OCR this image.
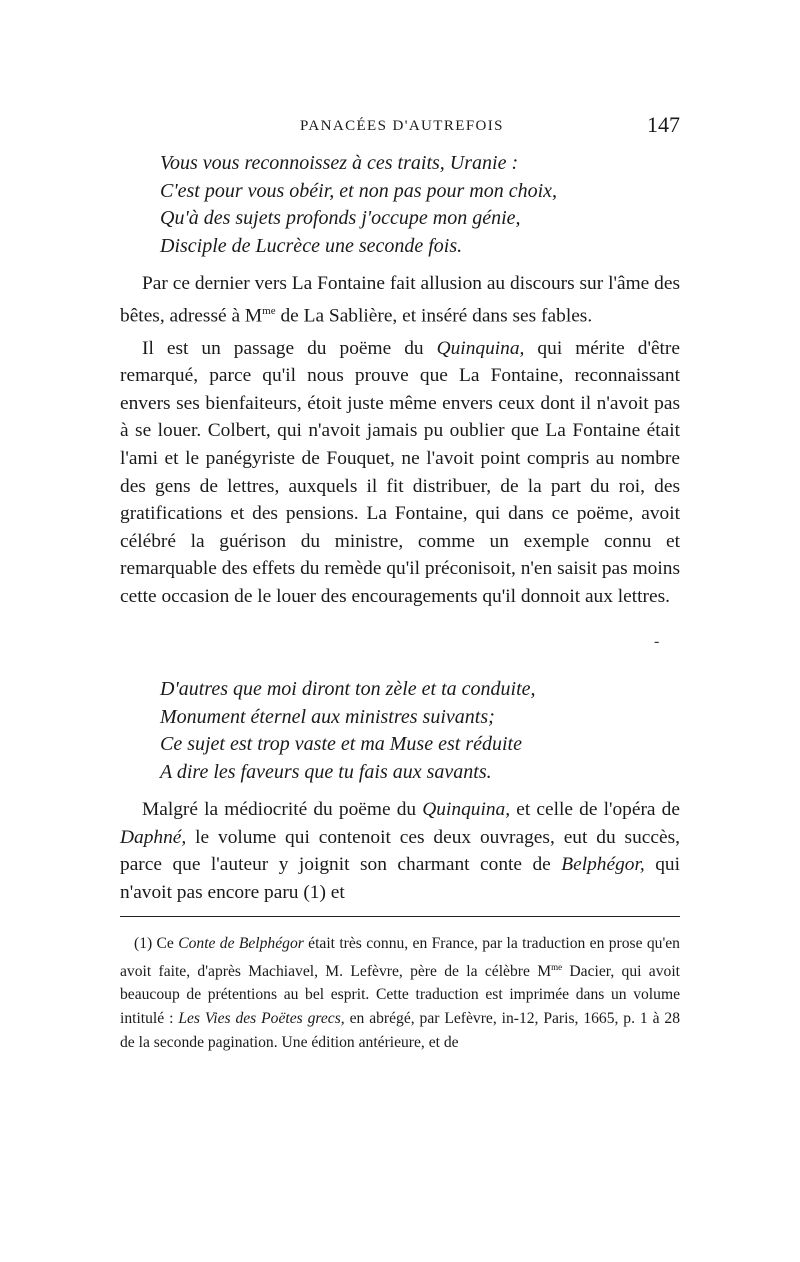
PANACÉES D'AUTREFOIS	147
Vous vous reconnoissez à ces traits, Uranie :
C'est pour vous obéir, et non pas pour mon choix,
Qu'à des sujets profonds j'occupe mon génie,
Disciple de Lucrèce une seconde fois.

Par ce dernier vers La Fontaine fait allusion au discours sur l'âme des bêtes, adressé à $M^{me}$ de La Sablière, et inséré dans ses fables.

Il est un passage du poëme du Quinquina, qui mérite d'être remarqué, parce qu'il nous prouve que La Fontaine, reconnaissant envers ses bienfaiteurs, étoit juste même envers ceux dont il n'avoit pas à se louer. Colbert, qui n'avoit jamais pu oublier que La Fontaine était l'ami et le panégyriste de Fouquet, ne l'avoit point compris au nombre des gens de lettres, auxquels il fit distribuer, de la part du roi, des gratifications et des pensions. La Fontaine, qui dans ce poëme, avoit célébré la guérison du ministre, comme un exemple connu et remarquable des effets du remède qu'il préconisoit, n'en saisit pas moins cette occasion de le louer des encouragements qu'il donnoit aux lettres.

-
D'autres que moi diront ton zèle et ta conduite,
Monument éternel aux ministres suivants;
Ce sujet est trop vaste et ma Muse est réduite
A dire les faveurs que tu fais aux savants.

Malgré la médiocrité du poëme du Quinquina, et celle de l'opéra de Daphné, le volume qui contenoit ces deux ouvrages, eut du succès, parce que l'auteur y joignit son charmant conte de Belphégor, qui n'avoit pas encore paru (1) et

(1) Ce Conte de Belphégor était très connu, en France, par la traduction en prose qu'en avoit faite, d'après Machiavel, M. Lefèvre, père de la célèbre $M^{me}$ Dacier, qui avoit beaucoup de prétentions au bel esprit. Cette traduction est imprimée dans un volume intitulé : Les Vies des Poëtes grecs, en abrégé, par Lefèvre, in-12, Paris, 1665, p. 1 à 28 de la seconde pagination. Une édition antérieure, et de
